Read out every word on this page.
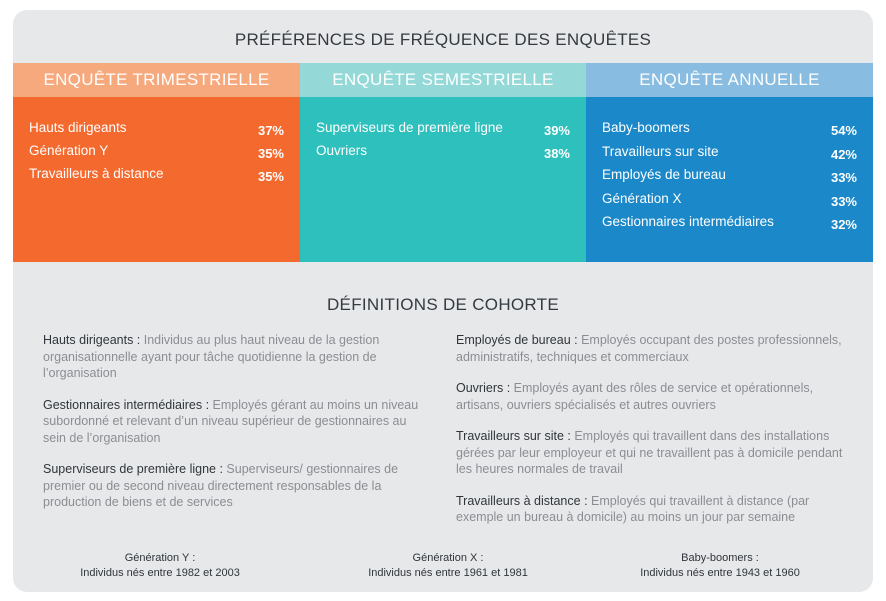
PRÉFÉRENCES DE FRÉQUENCE DES ENQUÊTES
ENQUÊTE TRIMESTRIELLE
Hauts dirigeants	37%
Génération Y	35%
Travailleurs à distance	35%
ENQUÊTE SEMESTRIELLE
Superviseurs de première ligne	39%
Ouvriers	38%
ENQUÊTE ANNUELLE
Baby-boomers	54%
Travailleurs sur site	42%
Employés de bureau	33%
Génération X	33%
Gestionnaires intermédiaires	32%
DÉFINITIONS DE COHORTE

Hauts dirigeants : Individus au plus haut niveau de la gestion organisationnelle ayant pour tâche quotidienne la gestion de l’organisation

Gestionnaires intermédiaires : Employés gérant au moins un niveau subordonné et relevant d’un niveau supérieur de gestionnaires au sein de l’organisation

Superviseurs de première ligne : Superviseurs/ gestionnaires de premier ou de second niveau directement responsables de la production de biens et de services

Employés de bureau : Employés occupant des postes professionnels, administratifs, techniques et commerciaux

Ouvriers : Employés ayant des rôles de service et opérationnels, artisans, ouvriers spécialisés et autres ouvriers

Travailleurs sur site : Employés qui travaillent dans des installations gérées par leur employeur et qui ne travaillent pas à domicile pendant les heures normales de travail

Travailleurs à distance : Employés qui travaillent à distance (par exemple un bureau à domicile) au moins un jour par semaine

Génération Y :
Individus nés entre 1982 et 2003
Génération X :
Individus nés entre 1961 et 1981
Baby-boomers :
Individus nés entre 1943 et 1960
